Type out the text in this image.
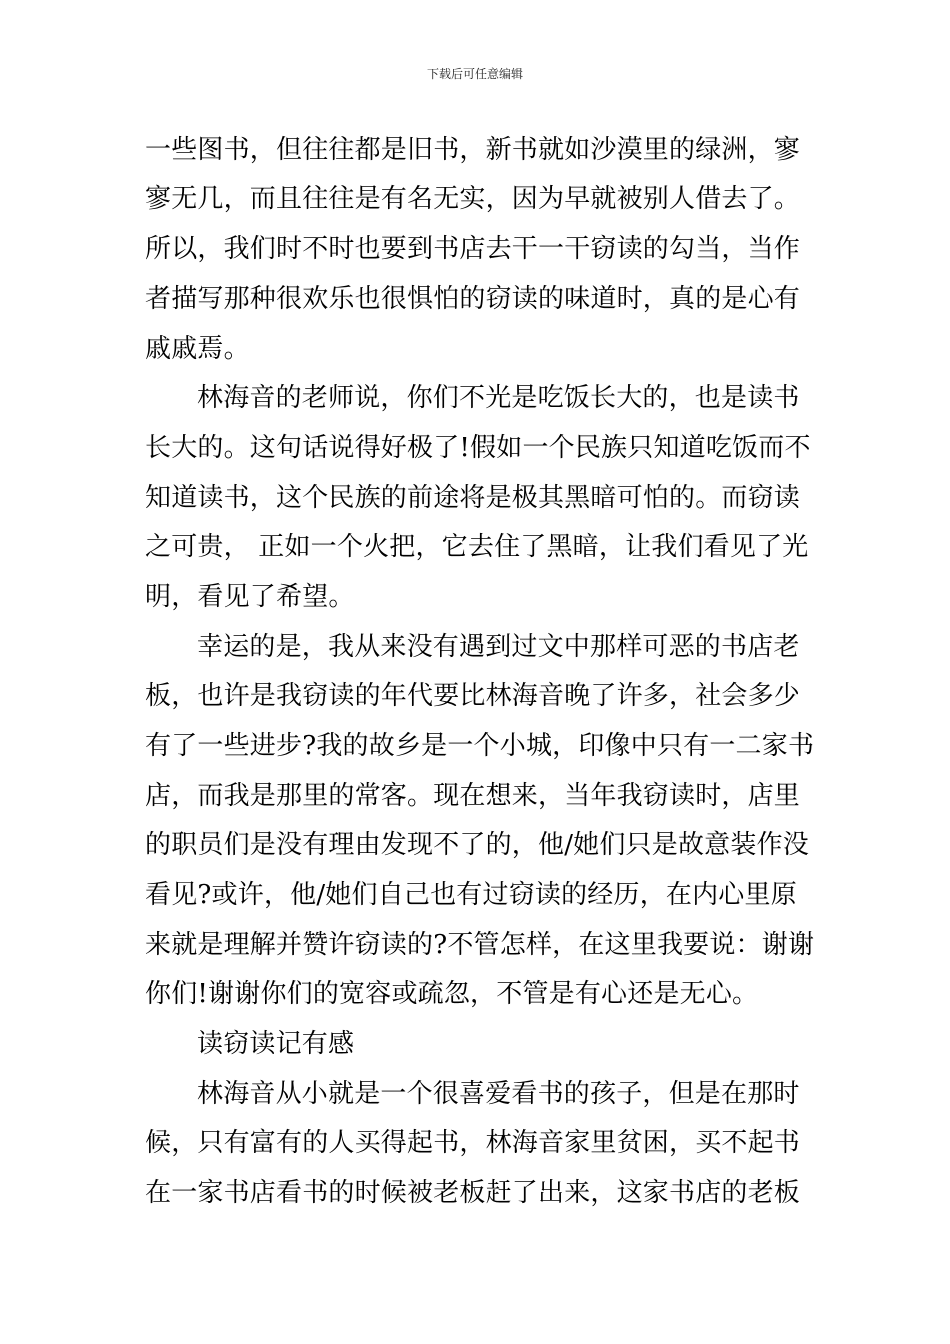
下载后可任意编辑
一些图书，但往往都是旧书，新书就如沙漠里的绿洲，寥
寥无几，而且往往是有名无实，因为早就被别人借去了。
所以，我们时不时也要到书店去干一干窃读的勾当，当作
者描写那种很欢乐也很惧怕的窃读的味道时，真的是心有
戚戚焉。
林海音的老师说，你们不光是吃饭长大的，也是读书
长大的。这句话说得好极了!假如一个民族只知道吃饭而不
知道读书，这个民族的前途将是极其黑暗可怕的。而窃读
之可贵， 正如一个火把，它去住了黑暗，让我们看见了光
明，看见了希望。
幸运的是，我从来没有遇到过文中那样可恶的书店老
板，也许是我窃读的年代要比林海音晚了许多，社会多少
有了一些进步?我的故乡是一个小城，印像中只有一二家书
店，而我是那里的常客。现在想来，当年我窃读时，店里
的职员们是没有理由发现不了的，他/她们只是故意装作没
看见?或许，他/她们自己也有过窃读的经历，在内心里原
来就是理解并赞许窃读的?不管怎样，在这里我要说：谢谢
你们!谢谢你们的宽容或疏忽，不管是有心还是无心。
读窃读记有感
林海音从小就是一个很喜爱看书的孩子，但是在那时
候，只有富有的人买得起书，林海音家里贫困，买不起书
在一家书店看书的时候被老板赶了出来，这家书店的老板
